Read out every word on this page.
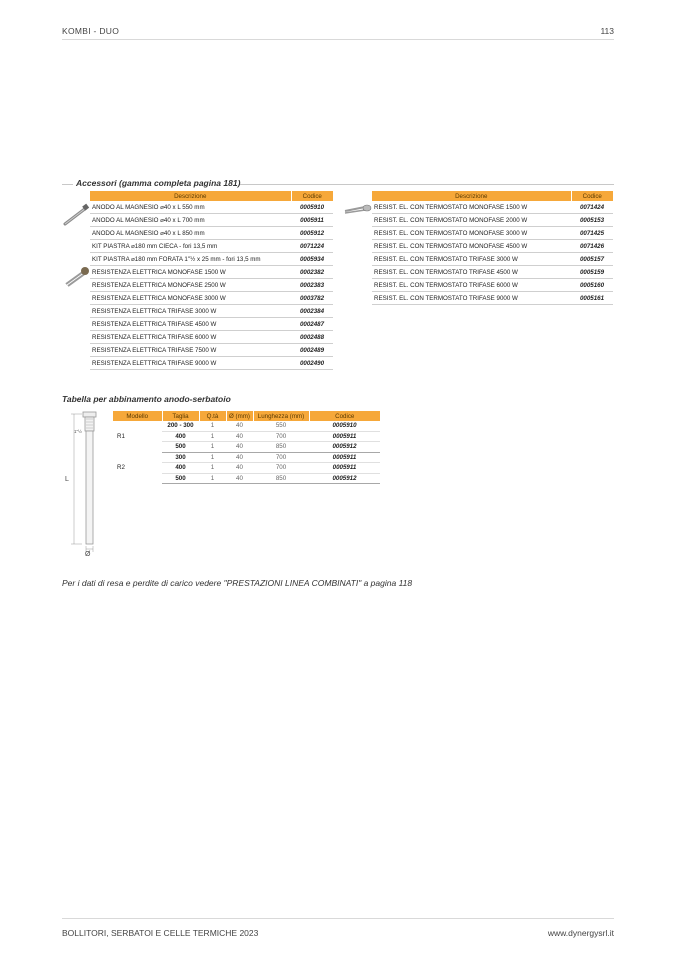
KOMBI - DUO	113
Accessori (gamma completa pagina 181)
Descrizione	Codice
ANODO AL MAGNESIO ⌀40 x L 550 mm	0005910
ANODO AL MAGNESIO ⌀40 x L 700 mm	0005911
ANODO AL MAGNESIO ⌀40 x L 850 mm	0005912
KIT PIASTRA ⌀180 mm CIECA - fori 13,5 mm	0071224
KIT PIASTRA ⌀180 mm FORATA 1"½ x 25 mm - fori 13,5 mm	0005934
RESISTENZA ELETTRICA MONOFASE 1500 W	0002382
RESISTENZA ELETTRICA MONOFASE 2500 W	0002383
RESISTENZA ELETTRICA MONOFASE 3000 W	0003782
RESISTENZA ELETTRICA TRIFASE 3000 W	0002384
RESISTENZA ELETTRICA TRIFASE 4500 W	0002487
RESISTENZA ELETTRICA TRIFASE 6000 W	0002488
RESISTENZA ELETTRICA TRIFASE 7500 W	0002489
RESISTENZA ELETTRICA TRIFASE 9000 W	0002490
Descrizione	Codice
RESIST. EL. CON TERMOSTATO MONOFASE 1500 W	0071424
RESIST. EL. CON TERMOSTATO MONOFASE 2000 W	0005153
RESIST. EL. CON TERMOSTATO MONOFASE 3000 W	0071425
RESIST. EL. CON TERMOSTATO MONOFASE 4500 W	0071426
RESIST. EL. CON TERMOSTATO TRIFASE 3000 W	0005157
RESIST. EL. CON TERMOSTATO TRIFASE 4500 W	0005159
RESIST. EL. CON TERMOSTATO TRIFASE 6000 W	0005160
RESIST. EL. CON TERMOSTATO TRIFASE 9000 W	0005161
Tabella per abbinamento anodo-serbatoio
1"½
L
Ø
Modello	Taglia	Q.tà	Ø (mm)	Lunghezza (mm)	Codice
R1	200 - 300	1	40	550	0005910
	400	1	40	700	0005911
	500	1	40	850	0005912
R2	300	1	40	700	0005911
	400	1	40	700	0005911
	500	1	40	850	0005912
Per i dati di resa e perdite di carico vedere "PRESTAZIONI LINEA COMBINATI" a pagina 118
BOLLITORI, SERBATOI E CELLE TERMICHE 2023	www.dynergysrl.it
